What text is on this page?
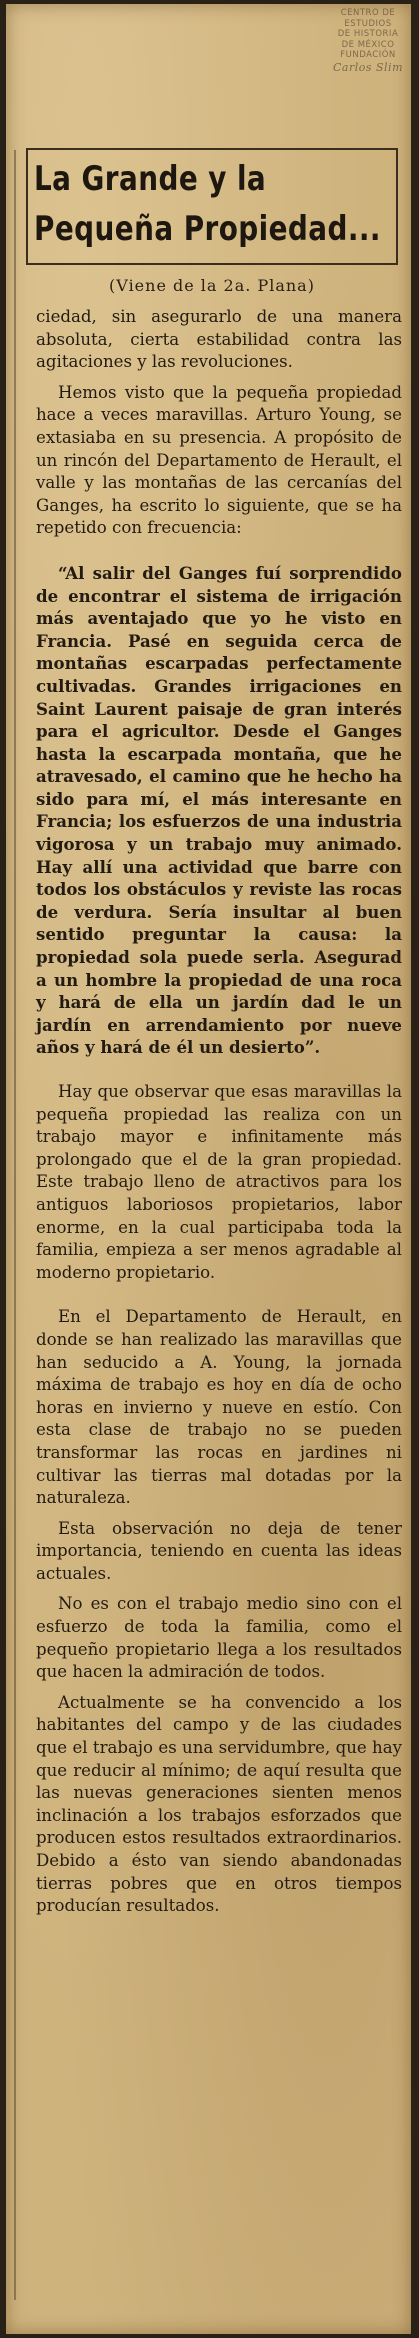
CENTRO DE
ESTUDIOS
DE HISTORIA
DE MÉXICO
FUNDACIÓN
Carlos Slim
La Grande y la Pequeña Propiedad...
(Viene de la 2a. Plana)

ciedad, sin asegurarlo de una manera absoluta, cierta estabilidad contra las agitaciones y las revoluciones.

Hemos visto que la pequeña propiedad hace a veces maravillas. Arturo Young, se extasiaba en su presencia. A propósito de un rincón del Departamento de Herault, el valle y las montañas de las cercanías del Ganges, ha escrito lo siguiente, que se ha repetido con frecuencia:

“Al salir del Ganges fuí sorprendido de encontrar el sistema de irrigación más aventajado que yo he visto en Francia. Pasé en seguida cerca de montañas escarpadas perfectamente cultivadas. Grandes irrigaciones en Saint Laurent paisaje de gran interés para el agricultor. Desde el Ganges hasta la escarpada montaña, que he atravesado, el camino que he hecho ha sido para mí, el más interesante en Francia; los esfuerzos de una industria vigorosa y un trabajo muy animado. Hay allí una actividad que barre con todos los obstáculos y reviste las rocas de verdura. Sería insultar al buen sentido preguntar la causa: la propiedad sola puede serla. Asegurad a un hombre la propiedad de una roca y hará de ella un jardín dad le un jardín en arrendamiento por nueve años y hará de él un desierto”.

Hay que observar que esas maravillas la pequeña propiedad las realiza con un trabajo mayor e infinitamente más prolongado que el de la gran propiedad. Este trabajo lleno de atractivos para los antiguos laboriosos propietarios, labor enorme, en la cual participaba toda la familia, empieza a ser menos agradable al moderno propietario.

En el Departamento de Herault, en donde se han realizado las maravillas que han seducido a A. Young, la jornada máxima de trabajo es hoy en día de ocho horas en invierno y nueve en estío. Con esta clase de trabajo no se pueden transformar las rocas en jardines ni cultivar las tierras mal dotadas por la naturaleza.

Esta observación no deja de tener importancia, teniendo en cuenta las ideas actuales.

No es con el trabajo medio sino con el esfuerzo de toda la familia, como el pequeño propietario llega a los resultados que hacen la admiración de todos.

Actualmente se ha convencido a los habitantes del campo y de las ciudades que el trabajo es una servidumbre, que hay que reducir al mínimo; de aquí resulta que las nuevas generaciones sienten menos inclinación a los trabajos esforzados que producen estos resultados extraordinarios. Debido a ésto van siendo abandonadas tierras pobres que en otros tiempos producían resultados.
